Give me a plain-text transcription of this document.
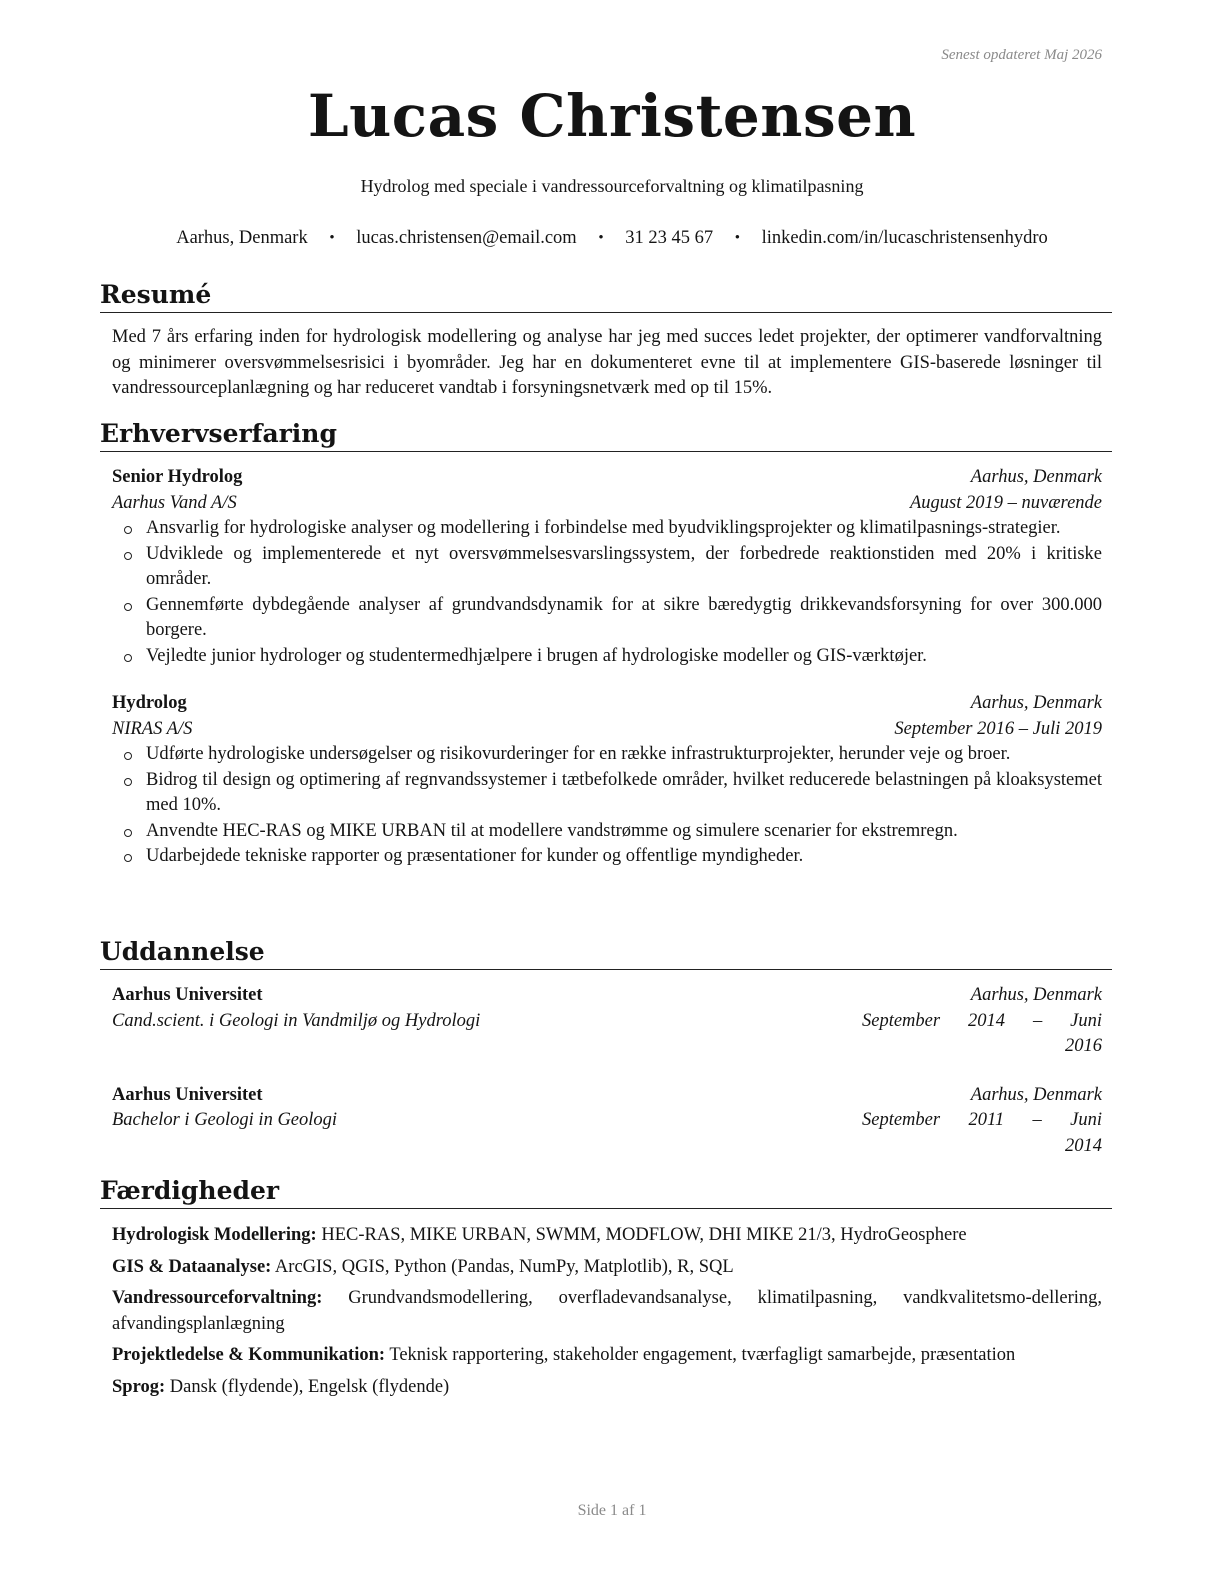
Senest opdateret Maj 2026
Lucas Christensen
Hydrolog med speciale i vandressourceforvaltning og klimatilpasning
Aarhus, Denmark • lucas.christensen@email.com • 31 23 45 67 • linkedin.com/in/lucaschristensenhydro
Resumé
Med 7 års erfaring inden for hydrologisk modellering og analyse har jeg med succes ledet projekter, der optimerer vandforvaltning og minimerer oversvømmelsesrisici i byområder. Jeg har en dokumenteret evne til at implementere GIS-baserede løsninger til vandressourceplanlægning og har reduceret vandtab i forsyningsnetværk med op til 15%.
Erhvervserfaring
Senior Hydrolog	Aarhus, Denmark
Aarhus Vand A/S	August 2019 – nuværende
Ansvarlig for hydrologiske analyser og modellering i forbindelse med byudviklingsprojekter og klimatilpasnings-strategier.
Udviklede og implementerede et nyt oversvømmelsesvarslingssystem, der forbedrede reaktionstiden med 20% i kritiske områder.
Gennemførte dybdegående analyser af grundvandsdynamik for at sikre bæredygtig drikkevandsforsyning for over 300.000 borgere.
Vejledte junior hydrologer og studentermedhjælpere i brugen af hydrologiske modeller og GIS-værktøjer.
Hydrolog	Aarhus, Denmark
NIRAS A/S	September 2016 – Juli 2019
Udførte hydrologiske undersøgelser og risikovurderinger for en række infrastrukturprojekter, herunder veje og broer.
Bidrog til design og optimering af regnvandssystemer i tætbefolkede områder, hvilket reducerede belastningen på kloaksystemet med 10%.
Anvendte HEC-RAS og MIKE URBAN til at modellere vandstrømme og simulere scenarier for ekstremregn.
Udarbejdede tekniske rapporter og præsentationer for kunder og offentlige myndigheder.
Uddannelse
Aarhus Universitet	Aarhus, Denmark
Cand.scient. i Geologi in Vandmiljø og Hydrologi	September 2014 – Juni
2016
Aarhus Universitet	Aarhus, Denmark
Bachelor i Geologi in Geologi	September 2011 – Juni
2014
Færdigheder
Hydrologisk Modellering: HEC-RAS, MIKE URBAN, SWMM, MODFLOW, DHI MIKE 21/3, HydroGeosphere
GIS & Dataanalyse: ArcGIS, QGIS, Python (Pandas, NumPy, Matplotlib), R, SQL
Vandressourceforvaltning: Grundvandsmodellering, overfladevandsanalyse, klimatilpasning, vandkvalitetsmo-dellering, afvandingsplanlægning
Projektledelse & Kommunikation: Teknisk rapportering, stakeholder engagement, tværfagligt samarbejde, præsentation
Sprog: Dansk (flydende), Engelsk (flydende)
Side 1 af 1
